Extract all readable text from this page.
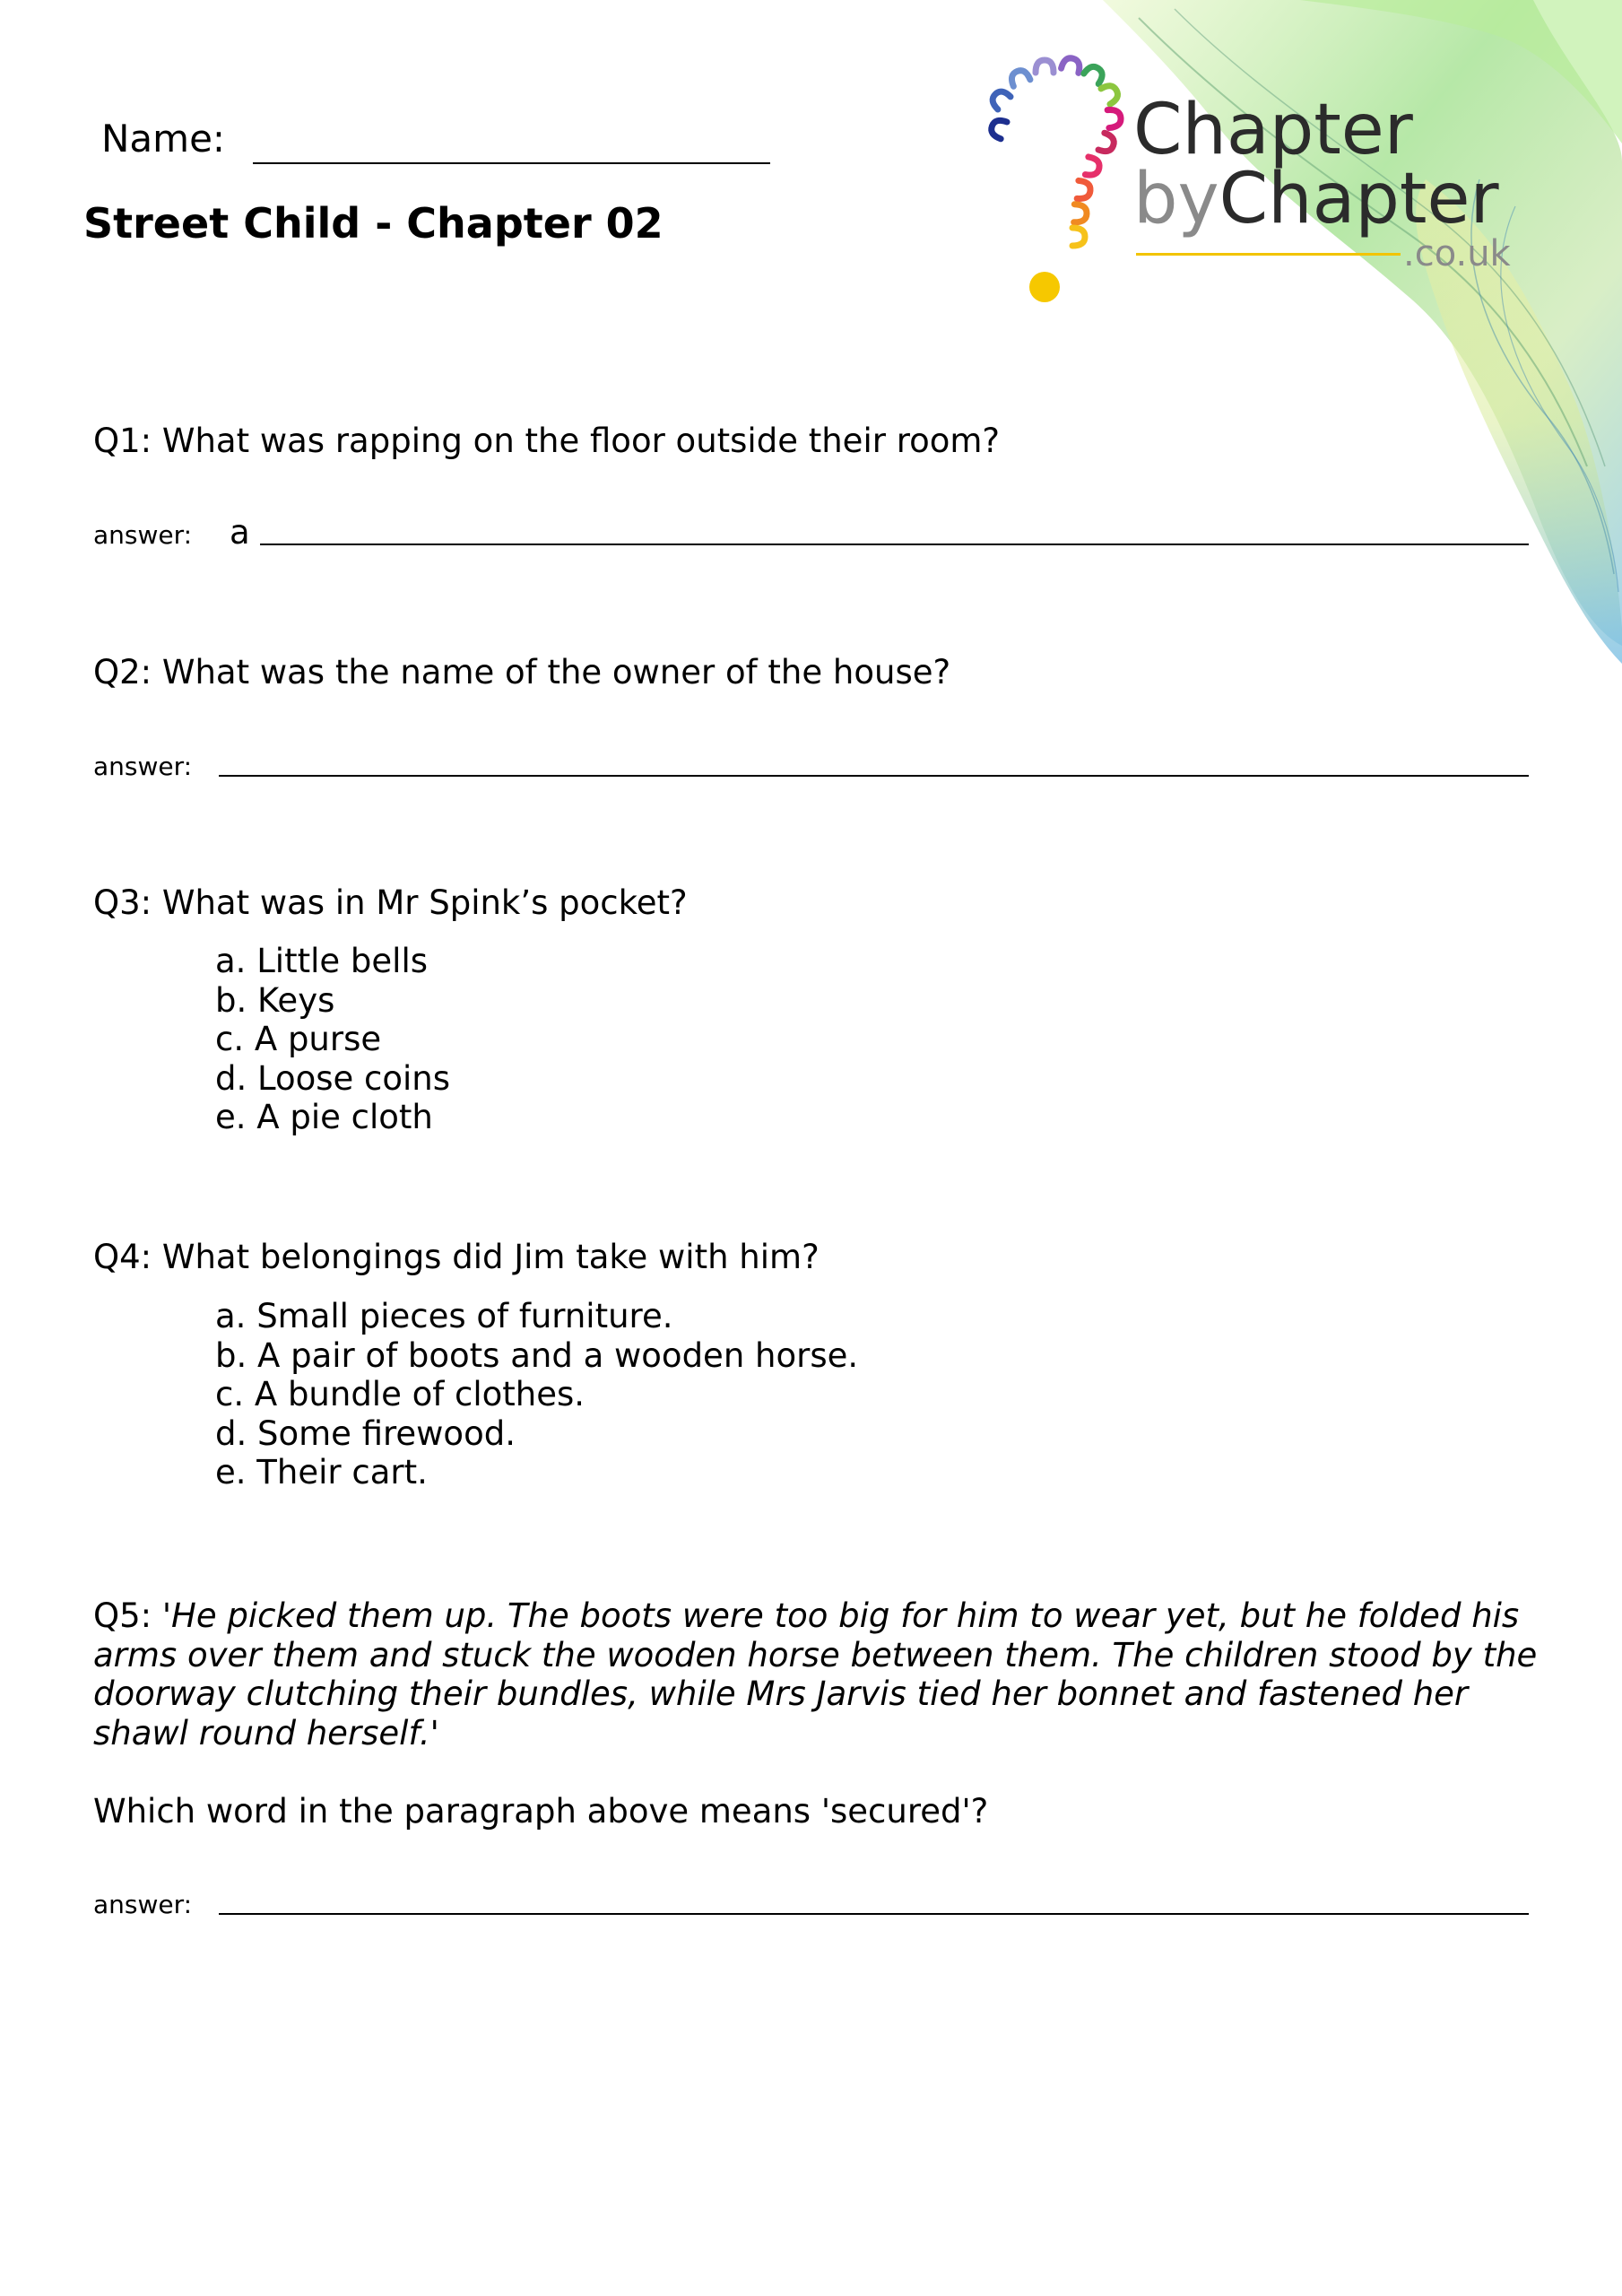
Name:
Street Child - Chapter 02
Chapter
byChapter
.co.uk
Q1: What was rapping on the floor outside their room?
answer: a
Q2: What was the name of the owner of the house?
answer:
Q3: What was in Mr Spink’s pocket?
a. Little bells
b. Keys
c. A purse
d. Loose coins
e. A pie cloth
Q4: What belongings did Jim take with him?
a. Small pieces of furniture.
b. A pair of boots and a wooden horse.
c. A bundle of clothes.
d. Some firewood.
e. Their cart.
Q5: 'He picked them up. The boots were too big for him to wear yet, but he folded his arms over them and stuck the wooden horse between them. The children stood by the doorway clutching their bundles, while Mrs Jarvis tied her bonnet and fastened her shawl round herself.'
Which word in the paragraph above means 'secured'?
answer:
